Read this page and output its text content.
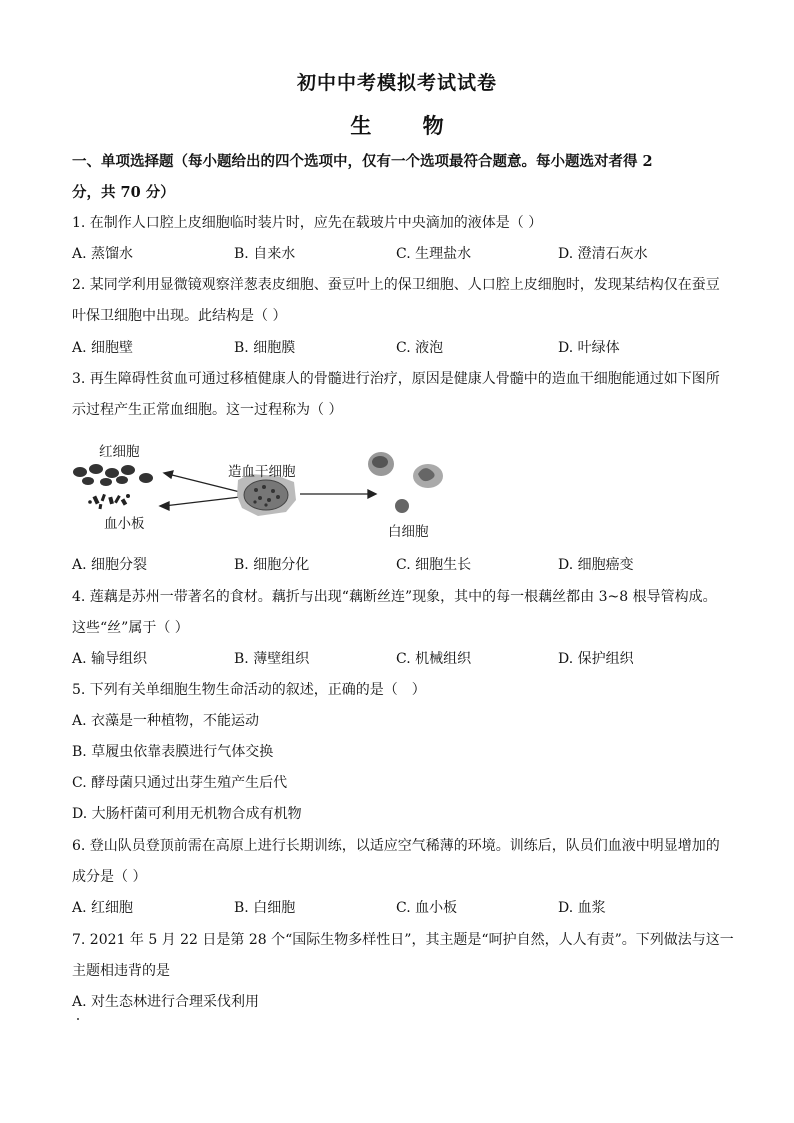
初中中考模拟考试试卷
生 物
一、单项选择题（每小题给出的四个选项中，仅有一个选项最符合题意。每小题选对者得 2
分，共 70 分）
1. 在制作人口腔上皮细胞临时装片时，应先在载玻片中央滴加的液体是（ ）
A. 蒸馏水	B. 自来水	C. 生理盐水	D. 澄清石灰水
2. 某同学利用显微镜观察洋葱表皮细胞、蚕豆叶上的保卫细胞、人口腔上皮细胞时，发现某结构仅在蚕豆
叶保卫细胞中出现。此结构是（ ）
A. 细胞壁	B. 细胞膜	C. 液泡	D. 叶绿体
3. 再生障碍性贫血可通过移植健康人的骨髓进行治疗，原因是健康人骨髓中的造血干细胞能通过如下图所
示过程产生正常血细胞。这一过程称为（ ）
红细胞
血小板
造血干细胞
白细胞
A. 细胞分裂	B. 细胞分化	C. 细胞生长	D. 细胞癌变
4. 莲藕是苏州一带著名的食材。藕折与出现“藕断丝连”现象，其中的每一根藕丝都由 3~8 根导管构成。
这些“丝”属于（ ）
A. 输导组织	B. 薄壁组织	C. 机械组织	D. 保护组织
5. 下列有关单细胞生物生命活动的叙述，正确的是（　）
A. 衣藻是一种植物，不能运动
B. 草履虫依靠表膜进行气体交换
C. 酵母菌只通过出芽生殖产生后代
D. 大肠杆菌可利用无机物合成有机物
6. 登山队员登顶前需在高原上进行长期训练，以适应空气稀薄的环境。训练后，队员们血液中明显增加的
成分是（ ）
A. 红细胞	B. 白细胞	C. 血小板	D. 血浆
7. 2021 年 5 月 22 日是第 28 个“国际生物多样性日”，其主题是“呵护自然，人人有责”。下列做法与这一
主题相违背的是
A. 对生态林进行合理采伐利用
